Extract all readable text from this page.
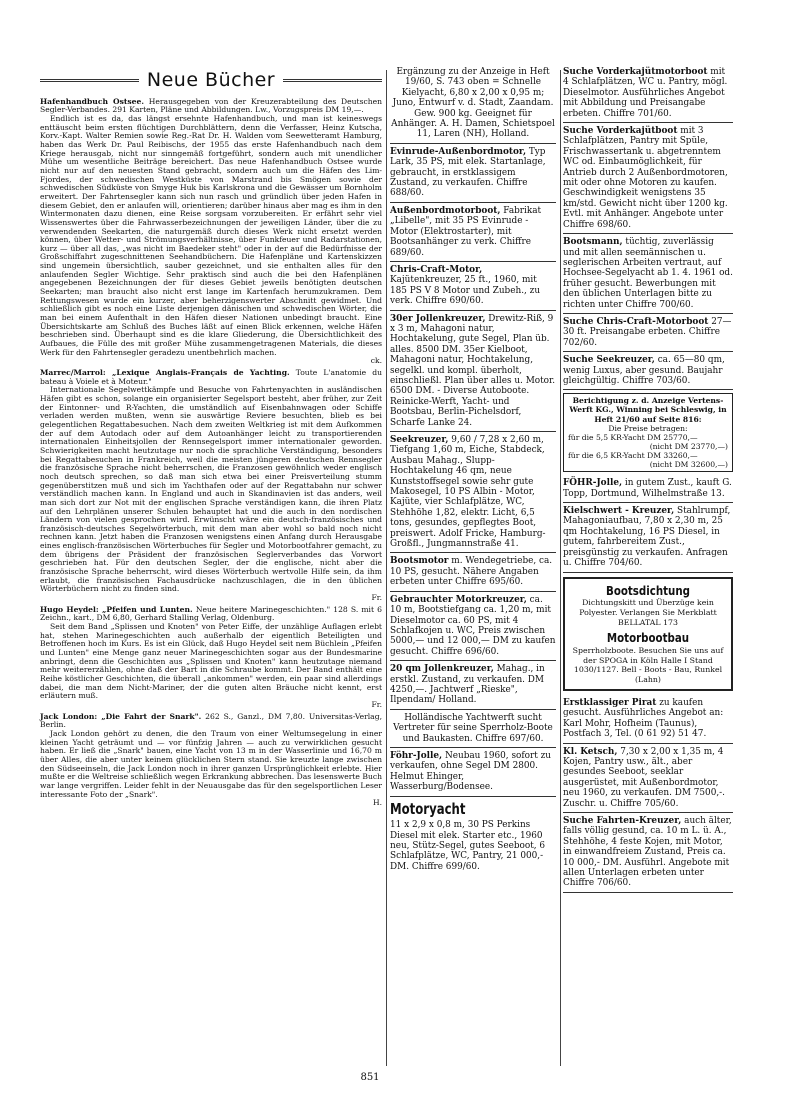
Neue Bücher

Hafenhandbuch Ostsee. Herausgegeben von der Kreuzerabteilung des Deutschen Segler-Verbandes. 291 Karten, Pläne und Abbildungen. Lw., Vorzugspreis DM 19,—.

Endlich ist es da, das längst ersehnte Hafenhandbuch, und man ist keineswegs enttäuscht beim ersten flüchtigen Durchblättern, denn die Verfasser, Heinz Kutscha, Korv.-Kapt. Walter Remien sowie Reg.-Rat Dr. H. Walden vom Seewetteramt Hamburg, haben das Werk Dr. Paul Reibischs, der 1955 das erste Hafenhandbuch nach dem Kriege herausgab, nicht nur sinngemäß fortgeführt, sondern auch mit unendlicher Mühe um wesentliche Beiträge bereichert. Das neue Hafenhandbuch Ostsee wurde nicht nur auf den neuesten Stand gebracht, sondern auch um die Häfen des Lim-Fjordes, der schwedischen Westküste von Marstrand bis Smögen sowie der schwedischen Südküste von Smyge Huk bis Karlskrona und die Gewässer um Bornholm erweitert. Der Fahrtensegler kann sich nun rasch und gründlich über jeden Hafen in diesem Gebiet, den er anlaufen will, orientieren; darüber hinaus aber mag es ihm in den Wintermonaten dazu dienen, eine Reise sorgsam vorzubereiten. Er erfährt sehr viel Wissenswertes über die Fahrwasserbezeichnungen der jeweiligen Länder, über die zu verwendenden Seekarten, die naturgemäß durch dieses Werk nicht ersetzt werden können, über Wetter- und Strömungsverhältnisse, über Funkfeuer und Radarstationen, kurz — über all das, „was nicht im Baedeker steht" oder in der auf die Bedürfnisse der Großschiffahrt zugeschnittenen Seehandbüchern. Die Hafenpläne und Kartenskizzen sind ungemein übersichtlich, sauber gezeichnet, und sie enthalten alles für den anlaufenden Segler Wichtige. Sehr praktisch sind auch die bei den Hafenplänen angegebenen Bezeichnungen der für dieses Gebiet jeweils benötigten deutschen Seekarten; man braucht also nicht erst lange im Kartenfach herumzukramen. Dem Rettungswesen wurde ein kurzer, aber beherzigenswerter Abschnitt gewidmet. Und schließlich gibt es noch eine Liste derjenigen dänischen und schwedischen Wörter, die man bei einem Aufenthalt in den Häfen dieser Nationen unbedingt braucht. Eine Übersichtskarte am Schluß des Buches läßt auf einen Blick erkennen, welche Häfen beschrieben sind. Überhaupt sind es die klare Gliederung, die Übersichtlichkeit des Aufbaues, die Fülle des mit großer Mühe zusammengetragenen Materials, die dieses Werk für den Fahrtensegler geradezu unentbehrlich machen.

ck.

Marrec/Marrol: „Lexique Anglais-Français de Yachting. Toute L'anatomie du bateau à Voiele et à Moteur."

Internationale Segelwettkämpfe und Besuche von Fahrtenyachten in ausländischen Häfen gibt es schon, solange ein organisierter Segelsport besteht, aber früher, zur Zeit der Eintonner- und R-Yachten, die umständlich auf Eisenbahnwagen oder Schiffe verladen werden mußten, wenn sie auswärtige Reviere besuchten, blieb es bei gelegentlichen Regattabesuchen. Nach dem zweiten Weltkrieg ist mit dem Aufkommen der auf dem Autodach oder auf dem Autoanhänger leicht zu transportierenden internationalen Einheitsjollen der Rennsegelsport immer internationaler geworden. Schwierigkeiten macht heutzutage nur noch die sprachliche Verständigung, besonders bei Regattabesuchen in Frankreich, weil die meisten jüngeren deutschen Rennsegler die französische Sprache nicht beherrschen, die Franzosen gewöhnlich weder englisch noch deutsch sprechen, so daß man sich etwa bei einer Preisverteilung stumm gegenüberstitzen muß und sich im Yachthafen oder auf der Regattabahn nur schwer verständlich machen kann. In England und auch in Skandinavien ist das anders, weil man sich dort zur Not mit der englischen Sprache verständigen kann, die ihren Platz auf den Lehrplänen unserer Schulen behauptet hat und die auch in den nordischen Ländern von vielen gesprochen wird. Erwünscht wäre ein deutsch-französisches und französisch-deutsches Segelwörterbuch, mit dem man aber wohl so bald noch nicht rechnen kann. Jetzt haben die Franzosen wenigstens einen Anfang durch Herausgabe eines englisch-französischen Wörterbuches für Segler und Motorbootfahrer gemacht, zu dem übrigens der Präsident der französischen Seglerverbandes das Vorwort geschrieben hat. Für den deutschen Segler, der die englische, nicht aber die französische Sprache beherrscht, wird dieses Wörterbuch wertvolle Hilfe sein, da ihm erlaubt, die französischen Fachausdrücke nachzuschlagen, die in den üblichen Wörterbüchern nicht zu finden sind.

Fr.

Hugo Heydel: „Pfeifen und Lunten. Neue heitere Marinegeschichten." 128 S. mit 6 Zeichn., kart., DM 6,80, Gerhard Stalling Verlag, Oldenburg.

Seit dem Band „Splissen und Knoten" von Peter Eiffe, der unzählige Auflagen erlebt hat, stehen Marinegeschichten auch außerhalb der eigentlich Beteiligten und Betroffenen hoch im Kurs. Es ist ein Glück, daß Hugo Heydel seit nem Büchlein „Pfeifen und Lunten" eine Menge ganz neuer Marinegeschichten sogar aus der Bundesmarine anbringt, denn die Geschichten aus „Splissen und Knoten" kann heutzutage niemand mehr weitererzählen, ohne daß der Bart in die Schraube kommt. Der Band enthält eine Reihe köstlicher Geschichten, die überall „ankommen" werden, ein paar sind allerdings dabei, die man dem Nicht-Mariner, der die guten alten Bräuche nicht kennt, erst erläutern muß.

Fr.

Jack London: „Die Fahrt der Snark". 262 S., Ganzl., DM 7,80. Universitas-Verlag, Berlin.

Jack London gehört zu denen, die den Traum von einer Weltumsegelung in einer kleinen Yacht geträumt und — vor fünfzig Jahren — auch zu verwirklichen gesucht haben. Er ließ die „Snark" bauen, eine Yacht von 13 m in der Wasserlinie und 16,70 m über Alles, die aber unter keinem glücklichen Stern stand. Sie kreuzte lange zwischen den Südseeinseln, die Jack London noch in ihrer ganzen Ursprünglichkeit erlebte. Hier mußte er die Weltreise schließlich wegen Erkrankung abbrechen. Das lesenswerte Buch war lange vergriffen. Leider fehlt in der Neuausgabe das für den segelsportlichen Leser interessante Foto der „Snark".

H.

Ergänzung zu der Anzeige in Heft 19/60, S. 743 oben = Schnelle Kielyacht, 6,80 x 2,00 x 0,95 m; Juno, Entwurf v. d. Stadt, Zaandam. Gew. 900 kg. Geeignet für Anhänger. A. H. Damen, Schietspoel 11, Laren (NH), Holland.
Evinrude-Außenbordmotor, Typ Lark, 35 PS, mit elek. Startanlage, gebraucht, in erstklassigem Zustand, zu verkaufen. Chiffre 688/60.
Außenbordmotorboot, Fabrikat „Libelle", mit 35 PS Evinrude - Motor (Elektrostarter), mit Bootsanhänger zu verk. Chiffre 689/60.
Chris-Craft-Motor, Kajütenkreuzer, 25 ft., 1960, mit 185 PS V 8 Motor und Zubeh., zu verk. Chiffre 690/60.
30er Jollenkreuzer, Drewitz-Riß, 9 x 3 m, Mahagoni natur, Hochtakelung, gute Segel, Plan üb. alles. 8500 DM. 35er Kielboot, Mahagoni natur, Hochtakelung, segelkl. und kompl. überholt, einschließl. Plan über alles u. Motor. 6500 DM. - Diverse Autoboote. Reinicke-Werft, Yacht- und Bootsbau, Berlin-Pichelsdorf, Scharfe Lanke 24.
Seekreuzer, 9,60 / 7,28 x 2,60 m, Tiefgang 1,60 m, Eiche, Stabdeck, Ausbau Mahag., Slupp-Hochtakelung 46 qm, neue Kunststoffsegel sowie sehr gute Makosegel, 10 PS Albin - Motor, Kajüte, vier Schlafplätze, WC, Stehhöhe 1,82, elektr. Licht, 6,5 tons, gesundes, gepflegtes Boot, preiswert. Adolf Fricke, Hamburg-Großfl., Jungmannstraße 41.
Bootsmotor m. Wendegetriebe, ca. 10 PS, gesucht. Nähere Angaben erbeten unter Chiffre 695/60.
Gebrauchter Motorkreuzer, ca. 10 m, Bootstiefgang ca. 1,20 m, mit Dieselmotor ca. 60 PS, mit 4 Schlafkojen u. WC, Preis zwischen 5000,— und 12 000,— DM zu kaufen gesucht. Chiffre 696/60.
20 qm Jollenkreuzer, Mahag., in erstkl. Zustand, zu verkaufen. DM 4250,—. Jachtwerf „Rieske", Ilpendam/ Holland.
Holländische Yachtwerft sucht Vertreter für seine Sperrholz-Boote und Baukasten. Chiffre 697/60.
Föhr-Jolle, Neubau 1960, sofort zu verkaufen, ohne Segel DM 2800. Helmut Ehinger, Wasserburg/Bodensee.
Motoryacht
11 x 2,9 x 0,8 m, 30 PS Perkins Diesel mit elek. Starter etc., 1960 neu, Stütz-Segel, gutes Seeboot, 6 Schlafplätze, WC, Pantry, 21 000,- DM. Chiffre 699/60.
Suche Vorderkajütmotorboot mit 4 Schlafplätzen, WC u. Pantry, mögl. Dieselmotor. Ausführliches Angebot mit Abbildung und Preisangabe erbeten. Chiffre 701/60.
Suche Vorderkajütboot mit 3 Schlafplätzen, Pantry mit Spüle, Frischwassertank u. abgetrenntem WC od. Einbaumöglichkeit, für Antrieb durch 2 Außenbordmotoren, mit oder ohne Motoren zu kaufen. Geschwindigkeit wenigstens 35 km/std. Gewicht nicht über 1200 kg. Evtl. mit Anhänger. Angebote unter Chiffre 698/60.
Bootsmann, tüchtig, zuverlässig und mit allen seemännischen u. seglerischen Arbeiten vertraut, auf Hochsee-Segelyacht ab 1. 4. 1961 od. früher gesucht. Bewerbungen mit den üblichen Unterlagen bitte zu richten unter Chiffre 700/60.
Suche Chris-Craft-Motorboot 27—30 ft. Preisangabe erbeten. Chiffre 702/60.
Suche Seekreuzer, ca. 65—80 qm, wenig Luxus, aber gesund. Baujahr gleichgültig. Chiffre 703/60.
Berichtigung z. d. Anzeige Vertens-Werft KG., Winning bei Schleswig, in Heft 21/60 auf Seite 816:
Die Preise betragen:
für die 5,5 KR-Yacht DM 25770,—
(nicht DM 23770,—)
für die 6,5 KR-Yacht DM 33260,—
(nicht DM 32600,—)
FÖHR-Jolle, in gutem Zust., kauft G. Topp, Dortmund, Wilhelmstraße 13.
Kielschwert - Kreuzer, Stahlrumpf, Mahagoniaufbau, 7,80 x 2,30 m, 25 qm Hochtakelung, 16 PS Diesel, in gutem, fahrbereitem Zust., preisgünstig zu verkaufen. Anfragen u. Chiffre 704/60.
Bootsdichtung
Dichtungskitt und Überzüge kein Polyester. Verlangen Sie Merkblatt BELLATAL 173
Motorbootbau
Sperrholzboote. Besuchen Sie uns auf der SPOGA in Köln Halle I Stand 1030/1127. Bell - Boots - Bau, Runkel (Lahn)
Erstklassiger Pirat zu kaufen gesucht. Ausführliches Angebot an: Karl Mohr, Hofheim (Taunus), Postfach 3, Tel. (0 61 92) 51 47.
Kl. Ketsch, 7,30 x 2,00 x 1,35 m, 4 Kojen, Pantry usw., ält., aber gesundes Seeboot, seeklar ausgerüstet, mit Außenbordmotor, neu 1960, zu verkaufen. DM 7500,-. Zuschr. u. Chiffre 705/60.
Suche Fahrten-Kreuzer, auch älter, falls völlig gesund, ca. 10 m L. ü. A., Stehhöhe, 4 feste Kojen, mit Motor, in einwandfreiem Zustand, Preis ca. 10 000,- DM. Ausführl. Angebote mit allen Unterlagen erbeten unter Chiffre 706/60.
851
